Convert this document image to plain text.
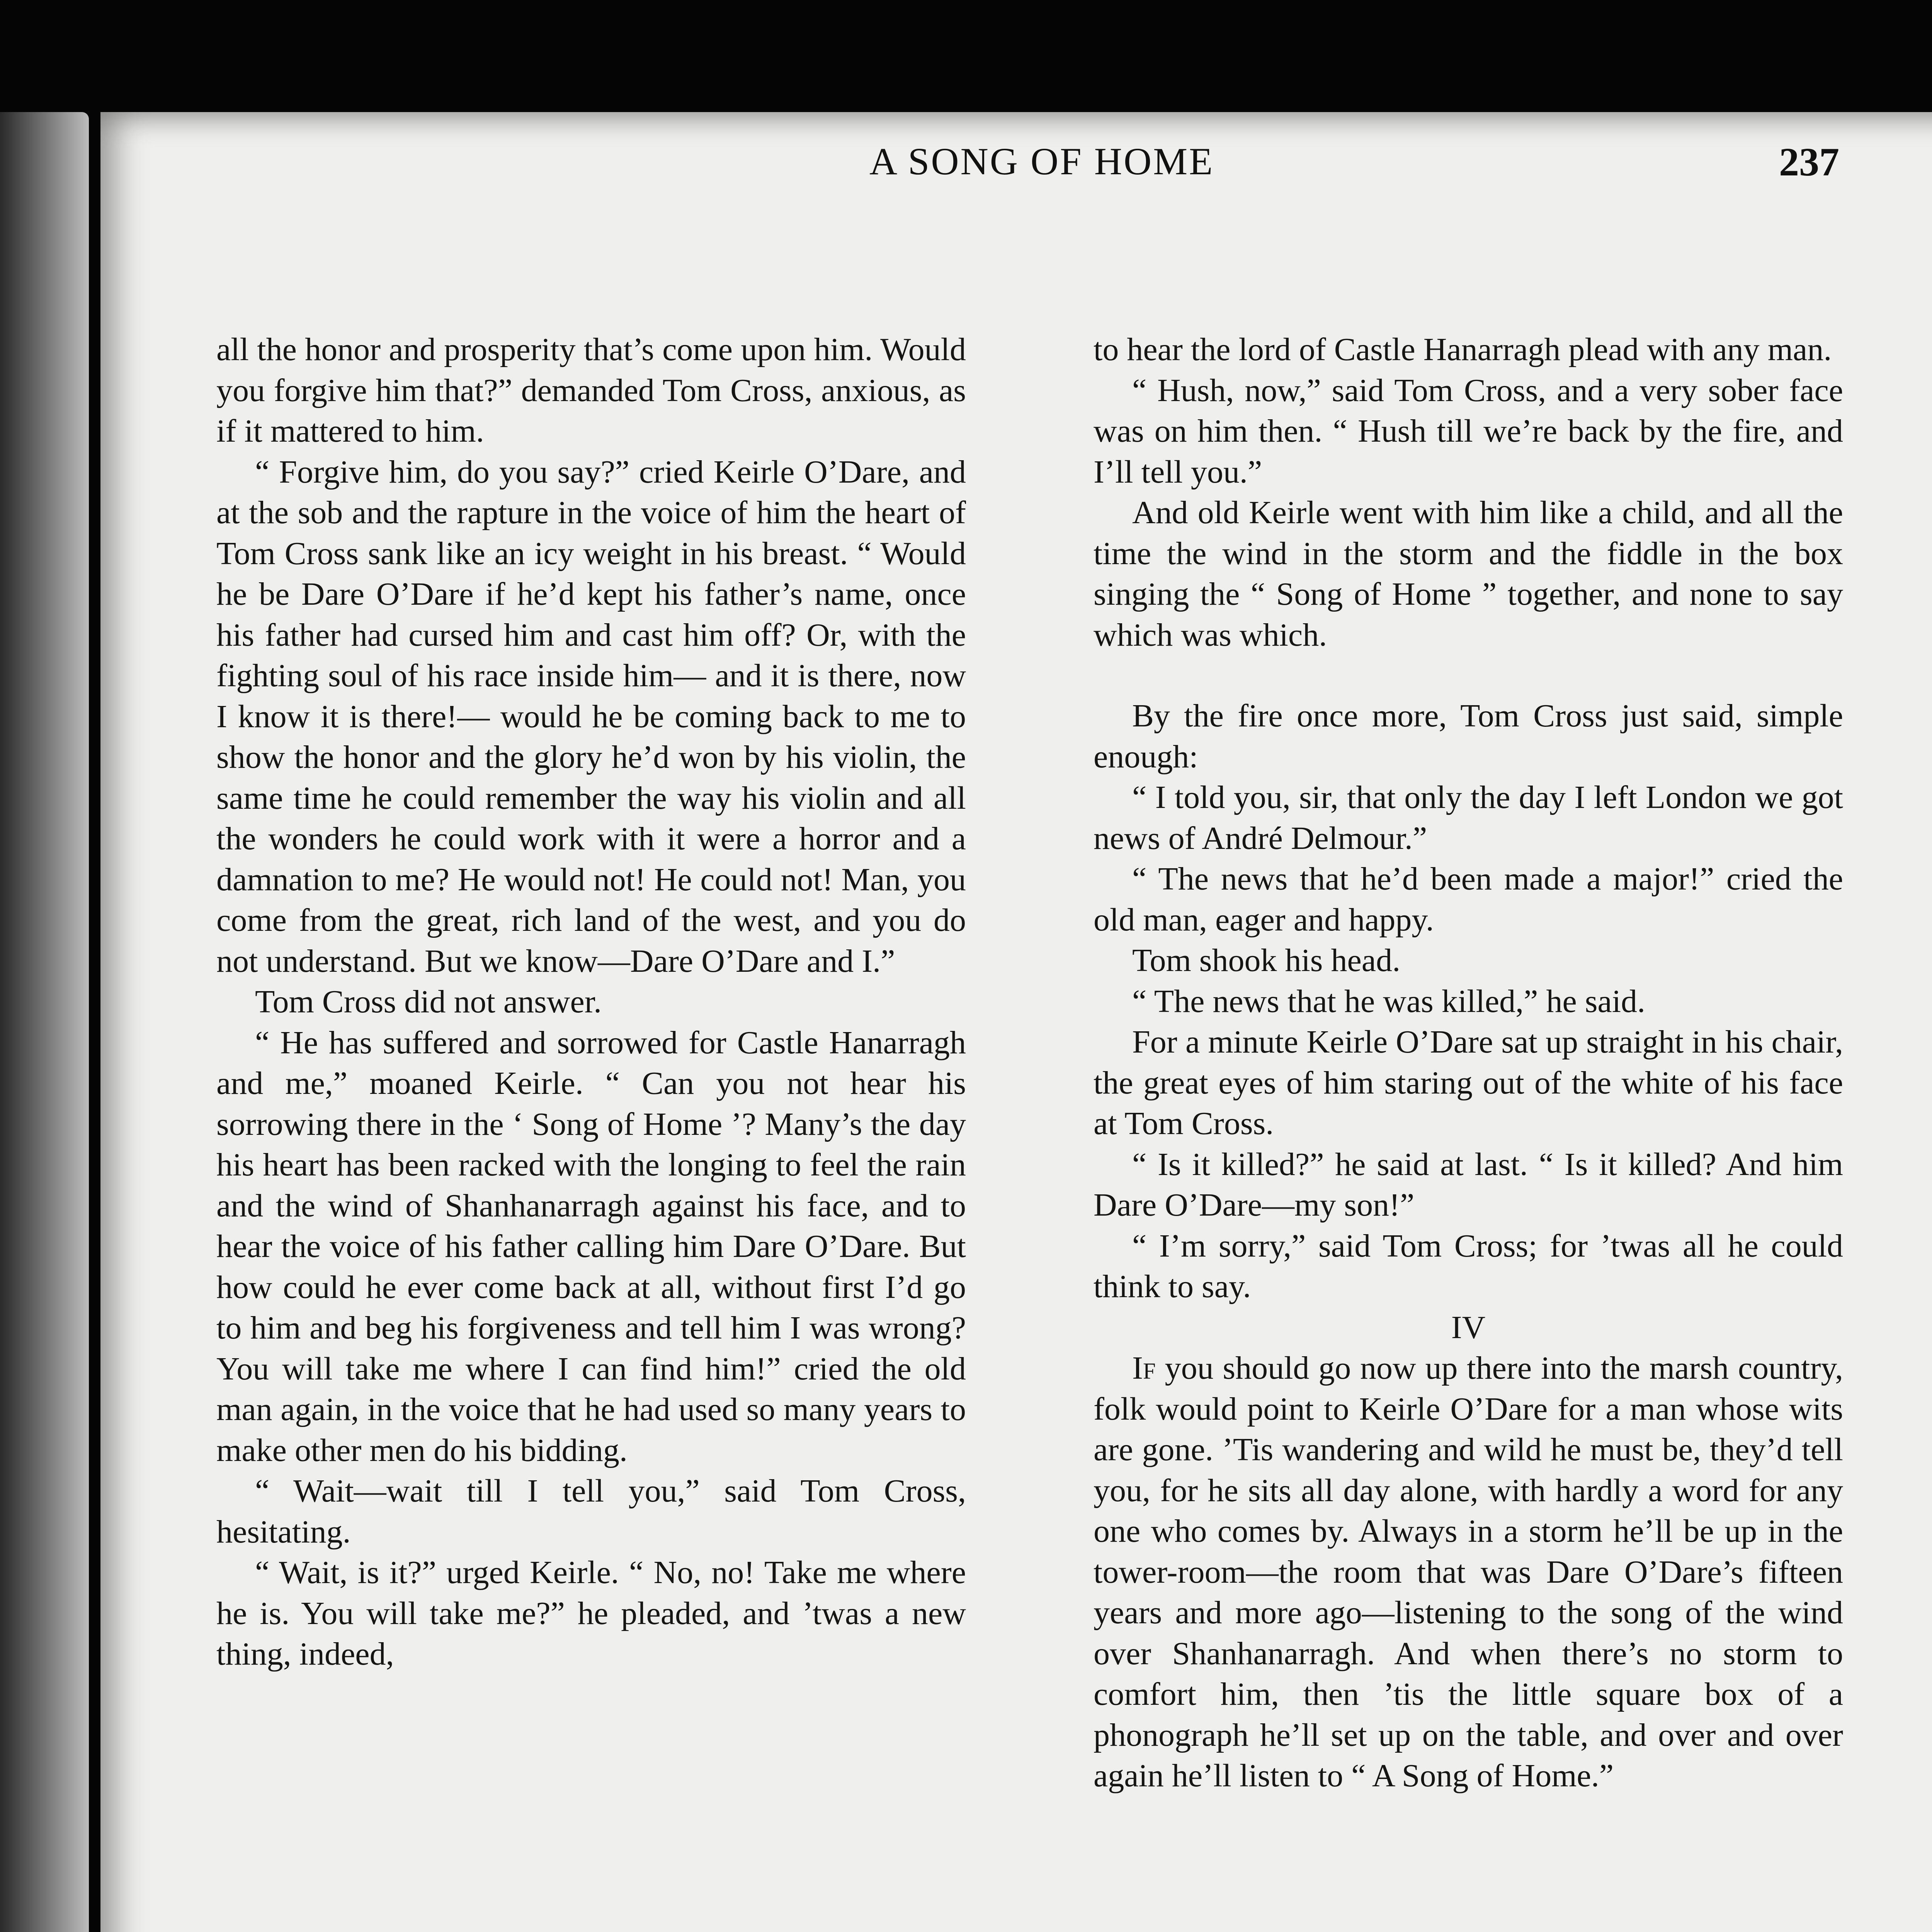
A SONG OF HOME	237

all the honor and prosperity that’s come upon him. Would you forgive him that?” demanded Tom Cross, anxious, as if it mattered to him.

“ Forgive him, do you say?” cried Keirle O’Dare, and at the sob and the rapture in the voice of him the heart of Tom Cross sank like an icy weight in his breast. “ Would he be Dare O’Dare if he’d kept his father’s name, once his father had cursed him and cast him off? Or, with the fighting soul of his race inside him— and it is there, now I know it is there!— would he be coming back to me to show the honor and the glory he’d won by his violin, the same time he could remember the way his violin and all the wonders he could work with it were a horror and a damnation to me? He would not! He could not! Man, you come from the great, rich land of the west, and you do not understand. But we know—Dare O’Dare and I.”

Tom Cross did not answer.

“ He has suffered and sorrowed for Castle Hanarragh and me,” moaned Keirle. “ Can you not hear his sorrowing there in the ‘ Song of Home ’? Many’s the day his heart has been racked with the longing to feel the rain and the wind of Shanhanarragh against his face, and to hear the voice of his father calling him Dare O’Dare. But how could he ever come back at all, without first I’d go to him and beg his forgiveness and tell him I was wrong? You will take me where I can find him!” cried the old man again, in the voice that he had used so many years to make other men do his bidding.

“ Wait—wait till I tell you,” said Tom Cross, hesitating.

“ Wait, is it?” urged Keirle. “ No, no! Take me where he is. You will take me?” he pleaded, and ’twas a new thing, indeed,

to hear the lord of Castle Hanarragh plead with any man.

“ Hush, now,” said Tom Cross, and a very sober face was on him then. “ Hush till we’re back by the fire, and I’ll tell you.”

And old Keirle went with him like a child, and all the time the wind in the storm and the fiddle in the box singing the “ Song of Home ” together, and none to say which was which.

By the fire once more, Tom Cross just said, simple enough:

“ I told you, sir, that only the day I left London we got news of André Delmour.”

“ The news that he’d been made a major!” cried the old man, eager and happy.

Tom shook his head.

“ The news that he was killed,” he said.

For a minute Keirle O’Dare sat up straight in his chair, the great eyes of him staring out of the white of his face at Tom Cross.

“ Is it killed?” he said at last. “ Is it killed? And him Dare O’Dare—my son!”

“ I’m sorry,” said Tom Cross; for ’twas all he could think to say.

IV

If you should go now up there into the marsh country, folk would point to Keirle O’Dare for a man whose wits are gone. ’Tis wandering and wild he must be, they’d tell you, for he sits all day alone, with hardly a word for any one who comes by. Always in a storm he’ll be up in the tower-room—the room that was Dare O’Dare’s fifteen years and more ago—listening to the song of the wind over Shanhanarragh. And when there’s no storm to comfort him, then ’tis the little square box of a phonograph he’ll set up on the table, and over and over again he’ll listen to “ A Song of Home.”
